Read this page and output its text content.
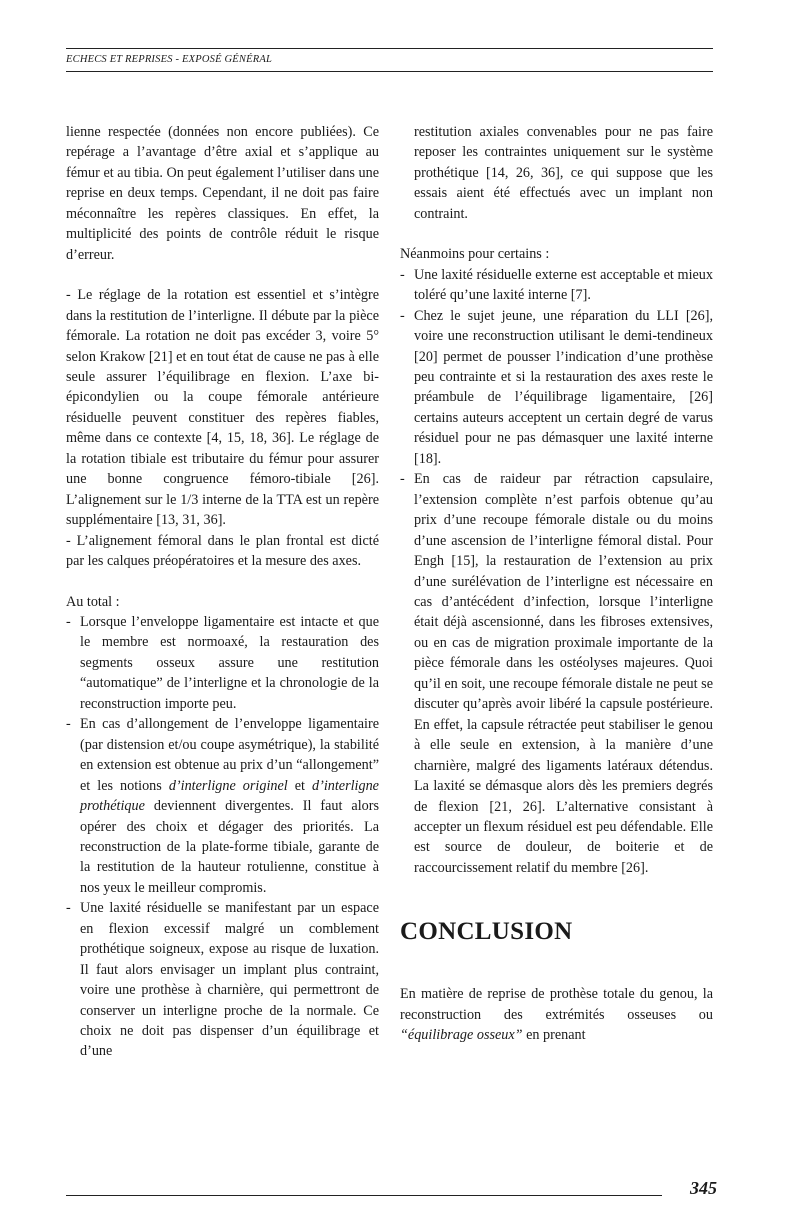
ECHECS ET REPRISES - EXPOSÉ GÉNÉRAL

lienne respectée (données non encore publiées). Ce repérage a l’avantage d’être axial et s’applique au fémur et au tibia. On peut également l’utiliser dans une reprise en deux temps. Cependant, il ne doit pas faire méconnaître les repères classiques. En effet, la multiplicité des points de contrôle réduit le risque d’erreur.

- Le réglage de la rotation est essentiel et s’intègre dans la restitution de l’interligne. Il débute par la pièce fémorale. La rotation ne doit pas excéder 3, voire 5° selon Krakow [21] et en tout état de cause ne pas à elle seule assurer l’équilibrage en flexion. L’axe bi-épicondylien ou la coupe fémorale antérieure résiduelle peuvent constituer des repères fiables, même dans ce contexte [4, 15, 18, 36]. Le réglage de la rotation tibiale est tributaire du fémur pour assurer une bonne congruence fémoro-tibiale [26]. L’alignement sur le 1/3 interne de la TTA est un repère supplémentaire [13, 31, 36].

- L’alignement fémoral dans le plan frontal est dicté par les calques préopératoires et la mesure des axes.

Au total :

- Lorsque l’enveloppe ligamentaire est intacte et que le membre est normoaxé, la restauration des segments osseux assure une restitution “automatique” de l’interligne et la chronologie de la reconstruction importe peu.
- En cas d’allongement de l’enveloppe ligamentaire (par distension et/ou coupe asymétrique), la stabilité en extension est obtenue au prix d’un “allongement” et les notions d’interligne originel et d’interligne prothétique deviennent divergentes. Il faut alors opérer des choix et dégager des priorités. La reconstruction de la plate-forme tibiale, garante de la restitution de la hauteur rotulienne, constitue à nos yeux le meilleur compromis.
- Une laxité résiduelle se manifestant par un espace en flexion excessif malgré un comblement prothétique soigneux, expose au risque de luxation. Il faut alors envisager un implant plus contraint, voire une prothèse à charnière, qui permettront de conserver un interligne proche de la normale. Ce choix ne doit pas dispenser d’un équilibrage et d’une

restitution axiales convenables pour ne pas faire reposer les contraintes uniquement sur le système prothétique [14, 26, 36], ce qui suppose que les essais aient été effectués avec un implant non contraint.

Néanmoins pour certains :

- Une laxité résiduelle externe est acceptable et mieux toléré qu’une laxité interne [7].
- Chez le sujet jeune, une réparation du LLI [26], voire une reconstruction utilisant le demi-tendineux [20] permet de pousser l’indication d’une prothèse peu contrainte et si la restauration des axes reste le préambule de l’équilibrage ligamentaire, [26] certains auteurs acceptent un certain degré de varus résiduel pour ne pas démasquer une laxité interne [18].
- En cas de raideur par rétraction capsulaire, l’extension complète n’est parfois obtenue qu’au prix d’une recoupe fémorale distale ou du moins d’une ascension de l’interligne fémoral distal. Pour Engh [15], la restauration de l’extension au prix d’une surélévation de l’interligne est nécessaire en cas d’antécédent d’infection, lorsque l’interligne était déjà ascensionné, dans les fibroses extensives, ou en cas de migration proximale importante de la pièce fémorale dans les ostéolyses majeures. Quoi qu’il en soit, une recoupe fémorale distale ne peut se discuter qu’après avoir libéré la capsule postérieure. En effet, la capsule rétractée peut stabiliser le genou à elle seule en extension, à la manière d’une charnière, malgré des ligaments latéraux détendus. La laxité se démasque alors dès les premiers degrés de flexion [21, 26]. L’alternative consistant à accepter un flexum résiduel est peu défendable. Elle est source de douleur, de boiterie et de raccourcissement relatif du membre [26].
CONCLUSION

En matière de reprise de prothèse totale du genou, la reconstruction des extrémités osseuses ou “équilibrage osseux” en prenant

345
